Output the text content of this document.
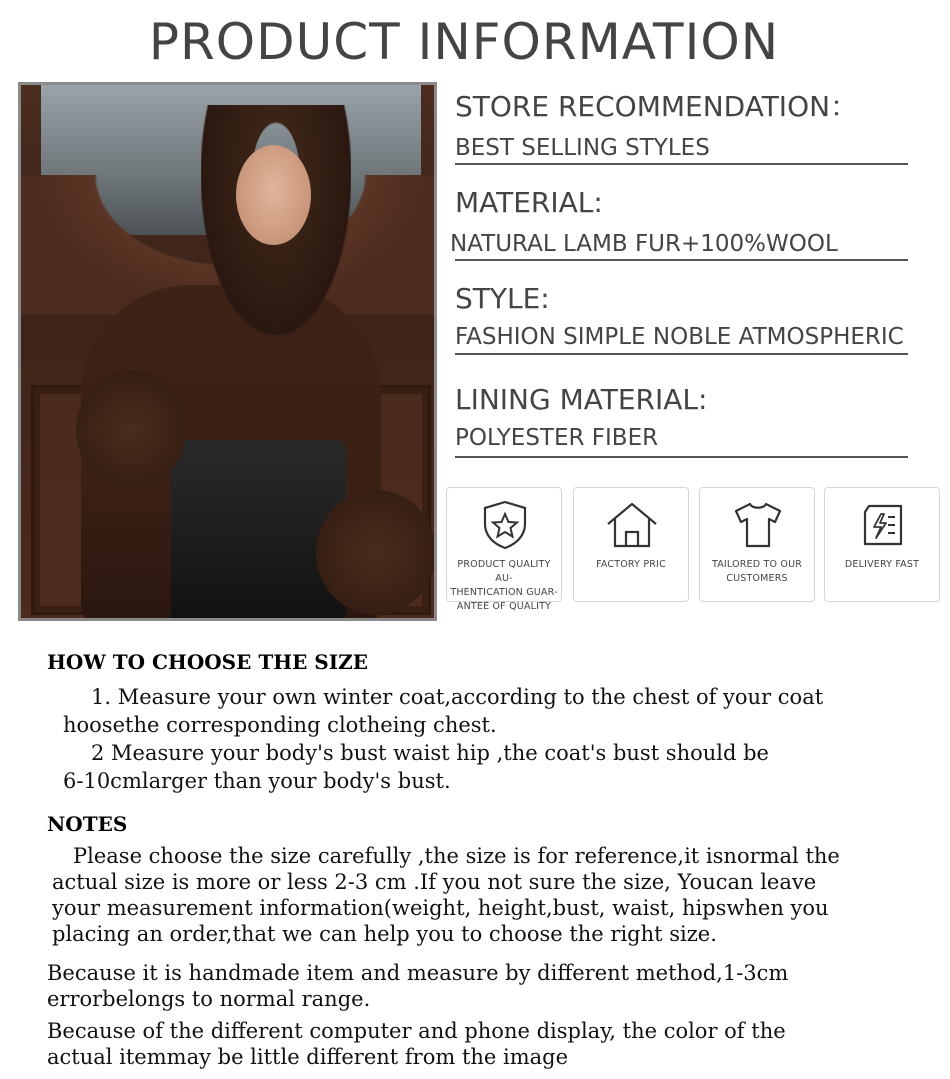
PRODUCT INFORMATION
STORE RECOMMENDATION：
BEST SELLING STYLES
MATERIAL:
NATURAL LAMB FUR+100%WOOL
STYLE:
FASHION SIMPLE NOBLE ATMOSPHERIC
LINING MATERIAL:
POLYESTER FIBER
PRODUCT QUALITY AU-
THENTICATION GUAR-
ANTEE OF QUALITY
FACTORY PRIC	TAILORED TO OUR
CUSTOMERS
DELIVERY FAST
HOW TO CHOOSE THE SIZE
1. Measure your own winter coat,according to the chest of your coat
hoosethe corresponding clotheing chest.
2 Measure your body's bust waist hip ,the coat's bust should be
6-10cmlarger than your body's bust.
NOTES
Please choose the size carefully ,the size is for reference,it isnormal the
actual size is more or less 2-3 cm .If you not sure the size, Youcan leave
your measurement information(weight, height,bust, waist, hipswhen you
placing an order,that we can help you to choose the right size.
Because it is handmade item and measure by different method,1-3cm
errorbelongs to normal range.
Because of the different computer and phone display, the color of the
actual itemmay be little different from the image
